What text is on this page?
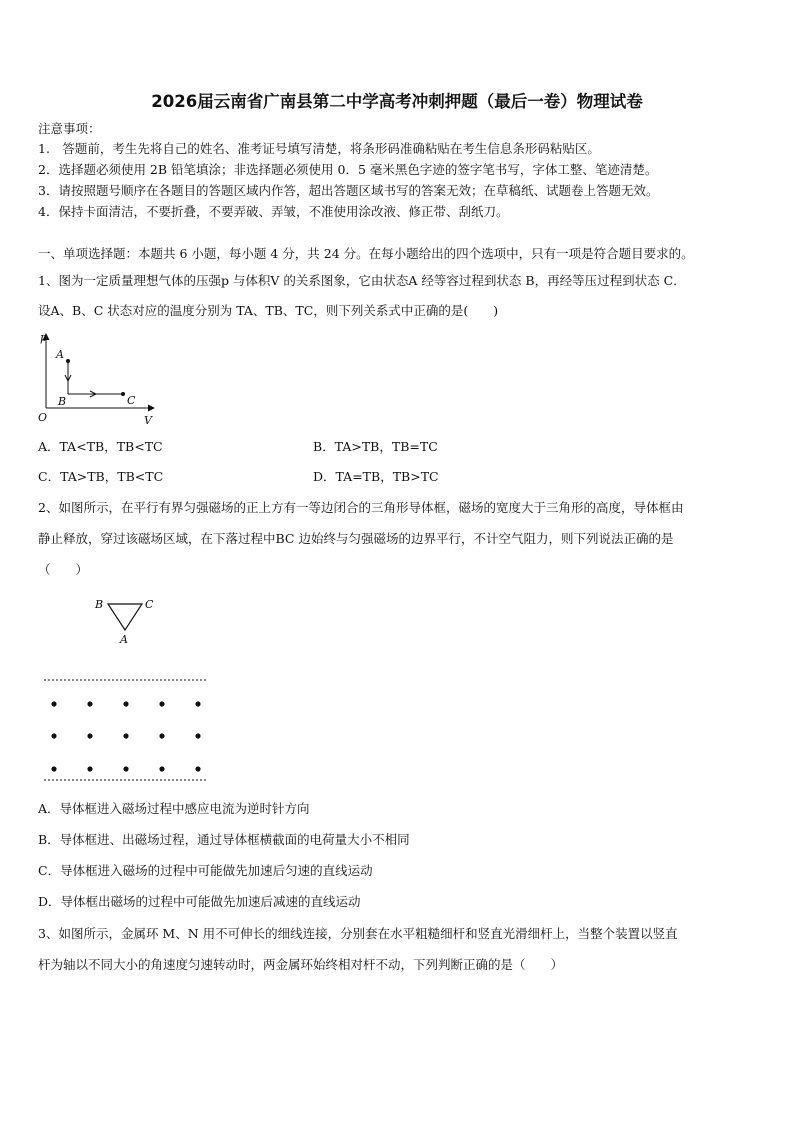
2026届云南省广南县第二中学高考冲刺押题（最后一卷）物理试卷
注意事项：
1.　答题前，考生先将自己的姓名、准考证号填写清楚，将条形码准确粘贴在考生信息条形码粘贴区。
2．选择题必须使用 2B 铅笔填涂；非选择题必须使用 0．5 毫米黑色字迹的签字笔书写，字体工整、笔迹清楚。
3．请按照题号顺序在各题目的答题区域内作答，超出答题区域书写的答案无效；在草稿纸、试题卷上答题无效。
4．保持卡面清洁，不要折叠，不要弄破、弄皱，不准使用涂改液、修正带、刮纸刀。
一、单项选择题：本题共 6 小题，每小题 4 分，共 24 分。在每小题给出的四个选项中，只有一项是符合题目要求的。
1、图为一定质量理想气体的压强p 与体积V 的关系图象，它由状态A 经等容过程到状态 B，再经等压过程到状态 C．
设A、B、C 状态对应的温度分别为 TA、TB、TC，则下列关系式中正确的是(　　)
p
A
B	C
O	V
A．TA<TB，TB<TC	B．TA>TB，TB=TC
C．TA>TB，TB<TC	D．TA=TB，TB>TC
2、如图所示，在平行有界匀强磁场的正上方有一等边闭合的三角形导体框，磁场的宽度大于三角形的高度，导体框由
静止释放，穿过该磁场区域，在下落过程中BC 边始终与匀强磁场的边界平行，不计空气阻力，则下列说法正确的是
（　　）
B	C
A
A．导体框进入磁场过程中感应电流为逆时针方向
B．导体框进、出磁场过程，通过导体框横截面的电荷量大小不相同
C．导体框进入磁场的过程中可能做先加速后匀速的直线运动
D．导体框出磁场的过程中可能做先加速后减速的直线运动
3、如图所示，金属环 M、N 用不可伸长的细线连接，分别套在水平粗糙细杆和竖直光滑细杆上，当整个装置以竖直
杆为轴以不同大小的角速度匀速转动时，两金属环始终相对杆不动，下列判断正确的是（　　）
